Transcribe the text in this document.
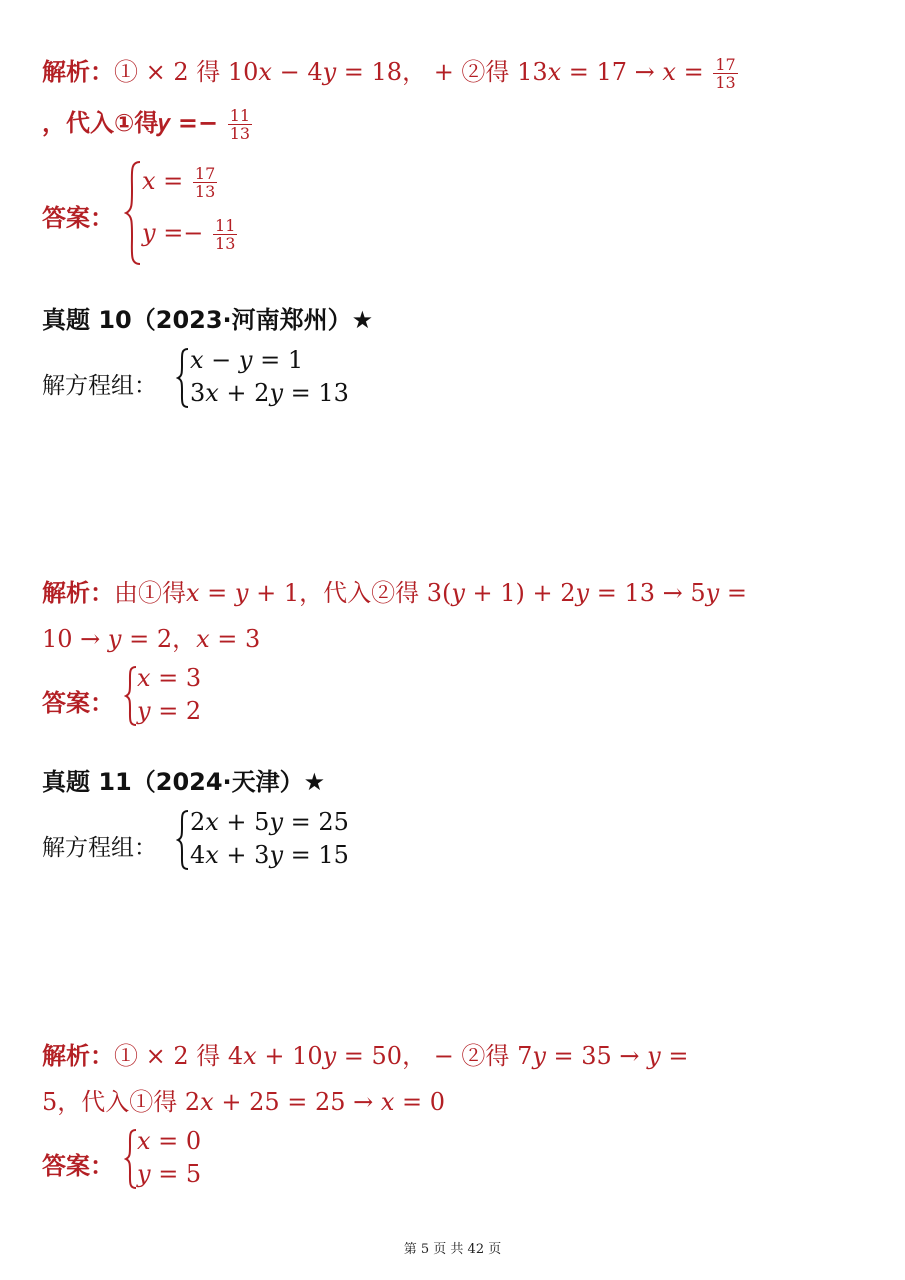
解析：① × 2 得 10𝑥 − 4𝑦 = 18， + ②得 13𝑥 = 17 → 𝑥 = $\frac{17}{13}$
，代入①得𝑦 =− $\frac{11}{13}$
答案：
𝑥 = $\frac{17}{13}$
𝑦 =− $\frac{11}{13}$
真题 10（2023·河南郑州）★
解方程组：
𝑥 − 𝑦 = 1
3𝑥 + 2𝑦 = 13
解析：由①得𝑥 = 𝑦 + 1，代入②得 3(𝑦 + 1) + 2𝑦 = 13 → 5𝑦 =
10 → 𝑦 = 2，𝑥 = 3
答案：
𝑥 = 3
𝑦 = 2
真题 11（2024·天津）★
解方程组：
2𝑥 + 5𝑦 = 25
4𝑥 + 3𝑦 = 15
解析：① × 2 得 4𝑥 + 10𝑦 = 50， − ②得 7𝑦 = 35 → 𝑦 =
5，代入①得 2𝑥 + 25 = 25 → 𝑥 = 0
答案：
𝑥 = 0
𝑦 = 5
第 5 页 共 42 页
